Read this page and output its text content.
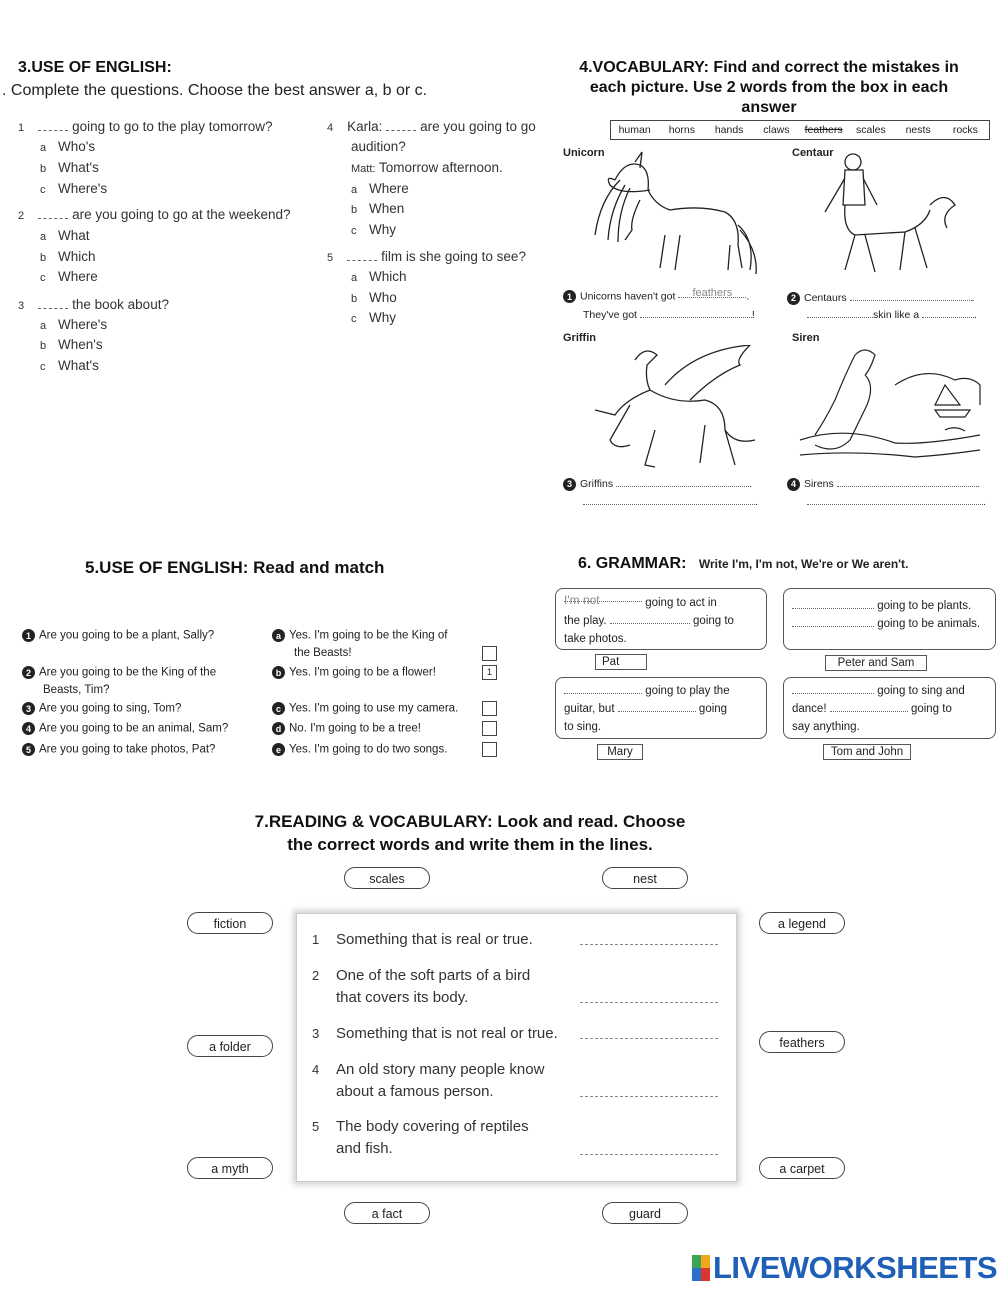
3.USE OF ENGLISH:
. Complete the questions. Choose the best answer a, b or c.
1	going to go to the play tomorrow?
a Who's
b What's
c Where's
2	are you going to go at the weekend?
a What
b Which
c Where
3	the book about?
a Where's
b When's
c What's
4 Karla:	are you going to go
audition?
Matt: Tomorrow afternoon.
a Where
b When
c Why
5	film is she going to see?
a Which
b Who
c Why
4.VOCABULARY: Find and correct the mistakes in
each picture. Use 2 words from the box in each
answer
human	horns	hands	claws	feathers	scales	nests	rocks
Unicorn
1 Unicorns haven't got feathers .
They've got	!
Centaur
2 Centaurs	.
skin like a	.
Griffin
3 Griffins	.
.
Siren
4 Sirens	.
.
5.USE OF ENGLISH: Read and match
1 Are you going to be a plant, Sally?
2 Are you going to be the King of the
Beasts, Tim?
3 Are you going to sing, Tom?
4 Are you going to be an animal, Sam?
5 Are you going to take photos, Pat?
a Yes. I'm going to be the King of
the Beasts!
b Yes. I'm going to be a flower!	1
c Yes. I'm going to use my camera.
d No. I'm going to be a tree!
e Yes. I'm going to do two songs.
6. GRAMMAR: Write I'm, I'm not, We're or We aren't.
I'm not	going to act in
the play.	going to
take photos.
Pat
going to be plants.
going to be animals.
Peter and Sam
going to play the
guitar, but	going
to sing.
Mary
going to sing and
dance!	going to
say anything.
Tom and John
7.READING & VOCABULARY: Look and read. Choose
the correct words and write them in the lines.
scales	nest
fiction	a legend
a folder	feathers
a myth	a carpet
a fact	guard
1 Something that is real or true.
2 One of the soft parts of a bird
that covers its body.
3 Something that is not real or true.
4 An old story many people know
about a famous person.
5 The body covering of reptiles
and fish.
LIVEWORKSHEETS
